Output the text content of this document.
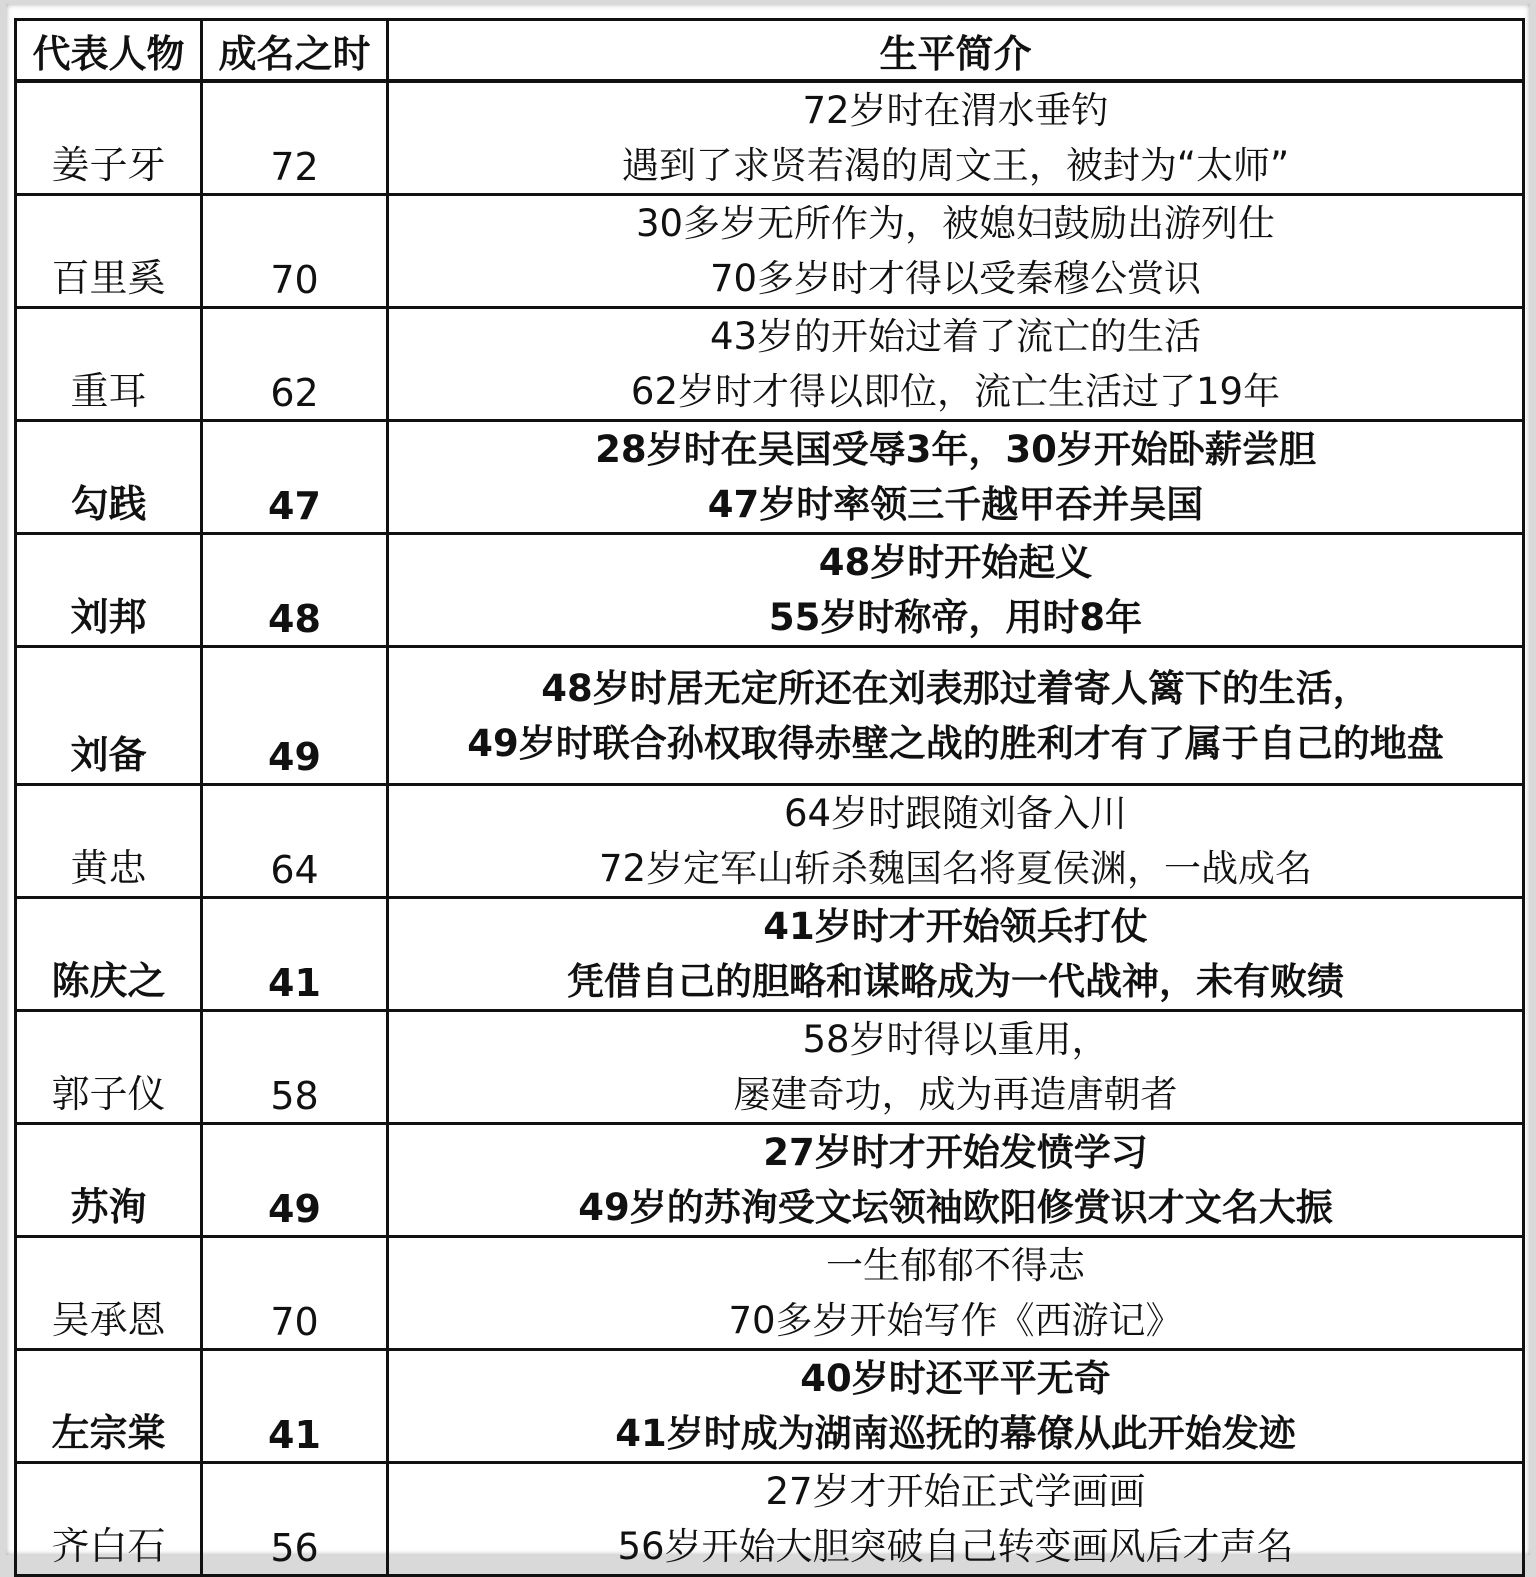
代表人物	成名之时	生平简介
姜子牙	72	72岁时在渭水垂钓
遇到了求贤若渴的周文王，被封为“太师”

百里奚	70	30多岁无所作为，被媳妇鼓励出游列仕
70多岁时才得以受秦穆公赏识

重耳	62	43岁的开始过着了流亡的生活
62岁时才得以即位，流亡生活过了19年

勾践	47	28岁时在吴国受辱3年，30岁开始卧薪尝胆
47岁时率领三千越甲吞并吴国

刘邦	48	48岁时开始起义
55岁时称帝，用时8年

刘备	49	48岁时居无定所还在刘表那过着寄人篱下的生活，
49岁时联合孙权取得赤壁之战的胜利才有了属于自己的地盘

黄忠	64	64岁时跟随刘备入川
72岁定军山斩杀魏国名将夏侯渊，一战成名

陈庆之	41	41岁时才开始领兵打仗
凭借自己的胆略和谋略成为一代战神，未有败绩

郭子仪	58	58岁时得以重用，
屡建奇功，成为再造唐朝者

苏洵	49	27岁时才开始发愤学习
49岁的苏洵受文坛领袖欧阳修赏识才文名大振

吴承恩	70	一生郁郁不得志
70多岁开始写作《西游记》

左宗棠	41	40岁时还平平无奇
41岁时成为湖南巡抚的幕僚从此开始发迹

齐白石	56	27岁才开始正式学画画
56岁开始大胆突破自己转变画风后才声名
